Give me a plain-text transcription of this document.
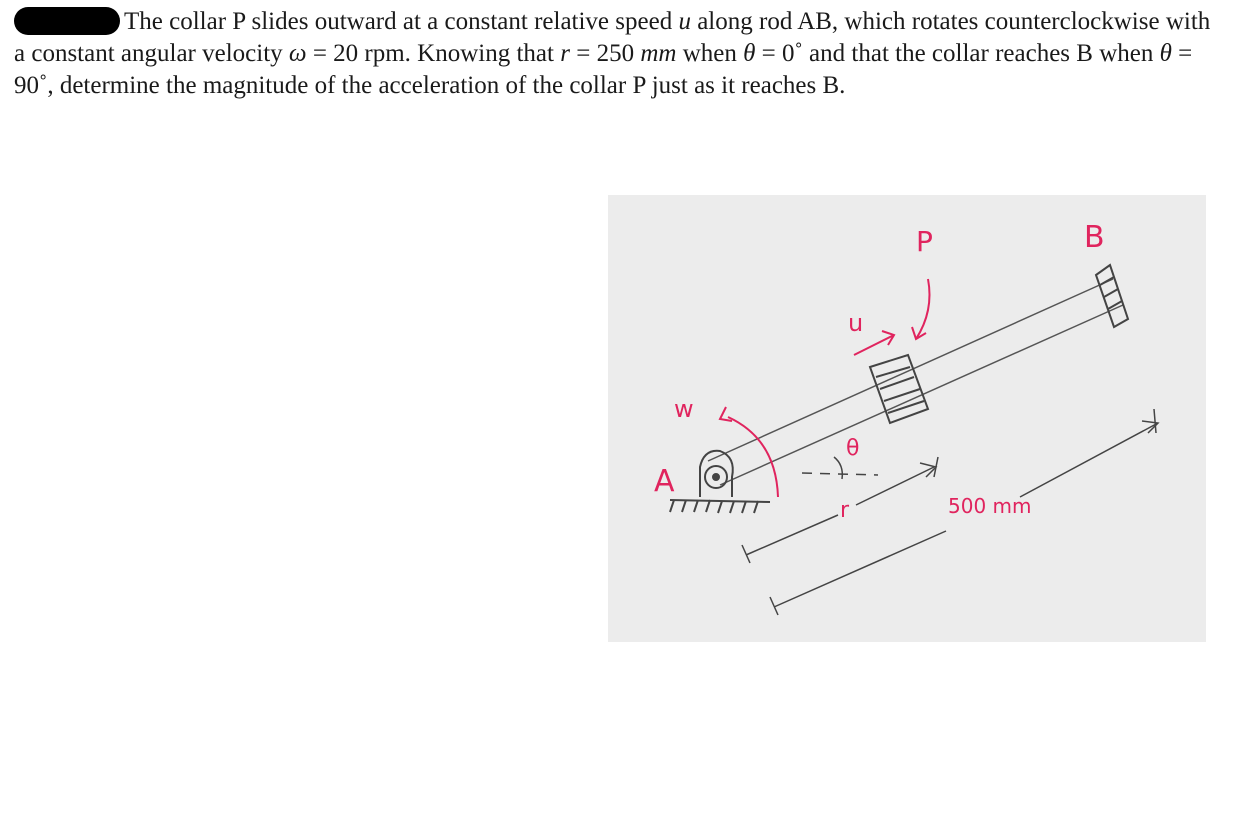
The collar P slides outward at a constant relative speed u along rod AB, which rotates counterclockwise with a constant angular velocity ω = 20 rpm. Knowing that r = 250 mm when θ = 0˚ and that the collar reaches B when θ = 90˚, determine the magnitude of the acceleration of the collar P just as it reaches B.
P	B
A
u
w
θ
r	500 mm
